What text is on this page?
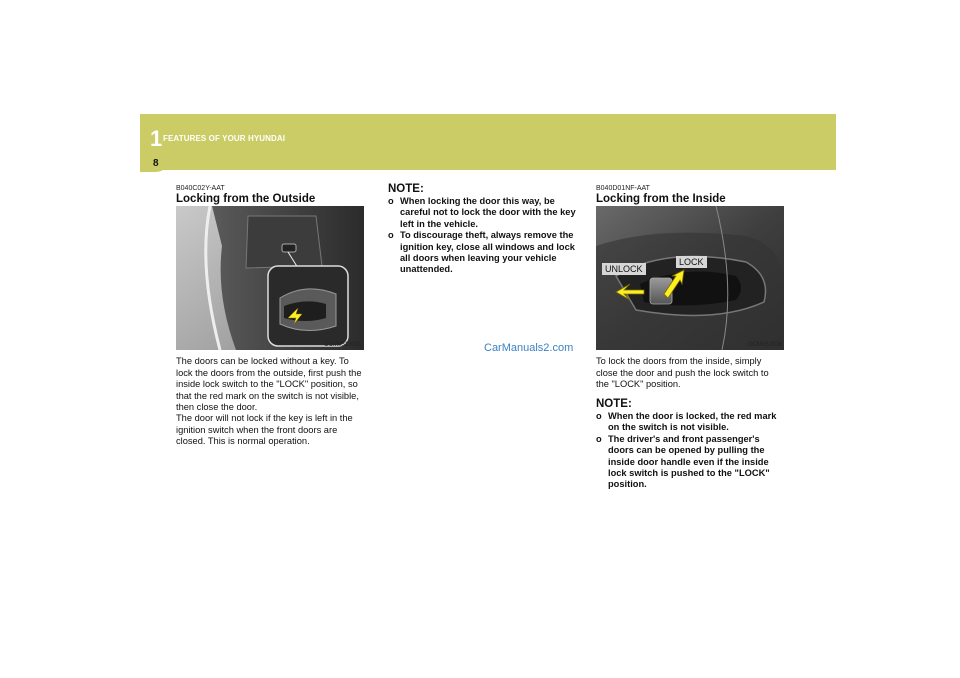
1 FEATURES OF YOUR HYUNDAI
8
B040C02Y-AAT
Locking from the Outside
OCM051002L
The doors can be locked without a key. To lock the doors from the outside, first push the inside lock switch to the "LOCK" position, so that the red mark on the switch is not visible, then close the door.
The door will not lock if the key is left in the ignition switch when the front doors are closed. This is normal operation.
NOTE:
o When locking the door this way, be careful not to lock the door with the key left in the vehicle.
o To discourage theft, always remove the ignition key, close all windows and lock all doors when leaving your vehicle unattended.
B040D01NF-AAT
Locking from the Inside
UNLOCK
LOCK
OCM052006
To lock the doors from the inside, simply close the door and push the lock switch to the "LOCK" position.
NOTE:
o When the door is locked, the red mark on the switch is not visible.
o The driver's and front passenger's doors can be opened by pulling the inside door handle even if the inside lock switch is pushed to the "LOCK" position.
CarManuals2.com
